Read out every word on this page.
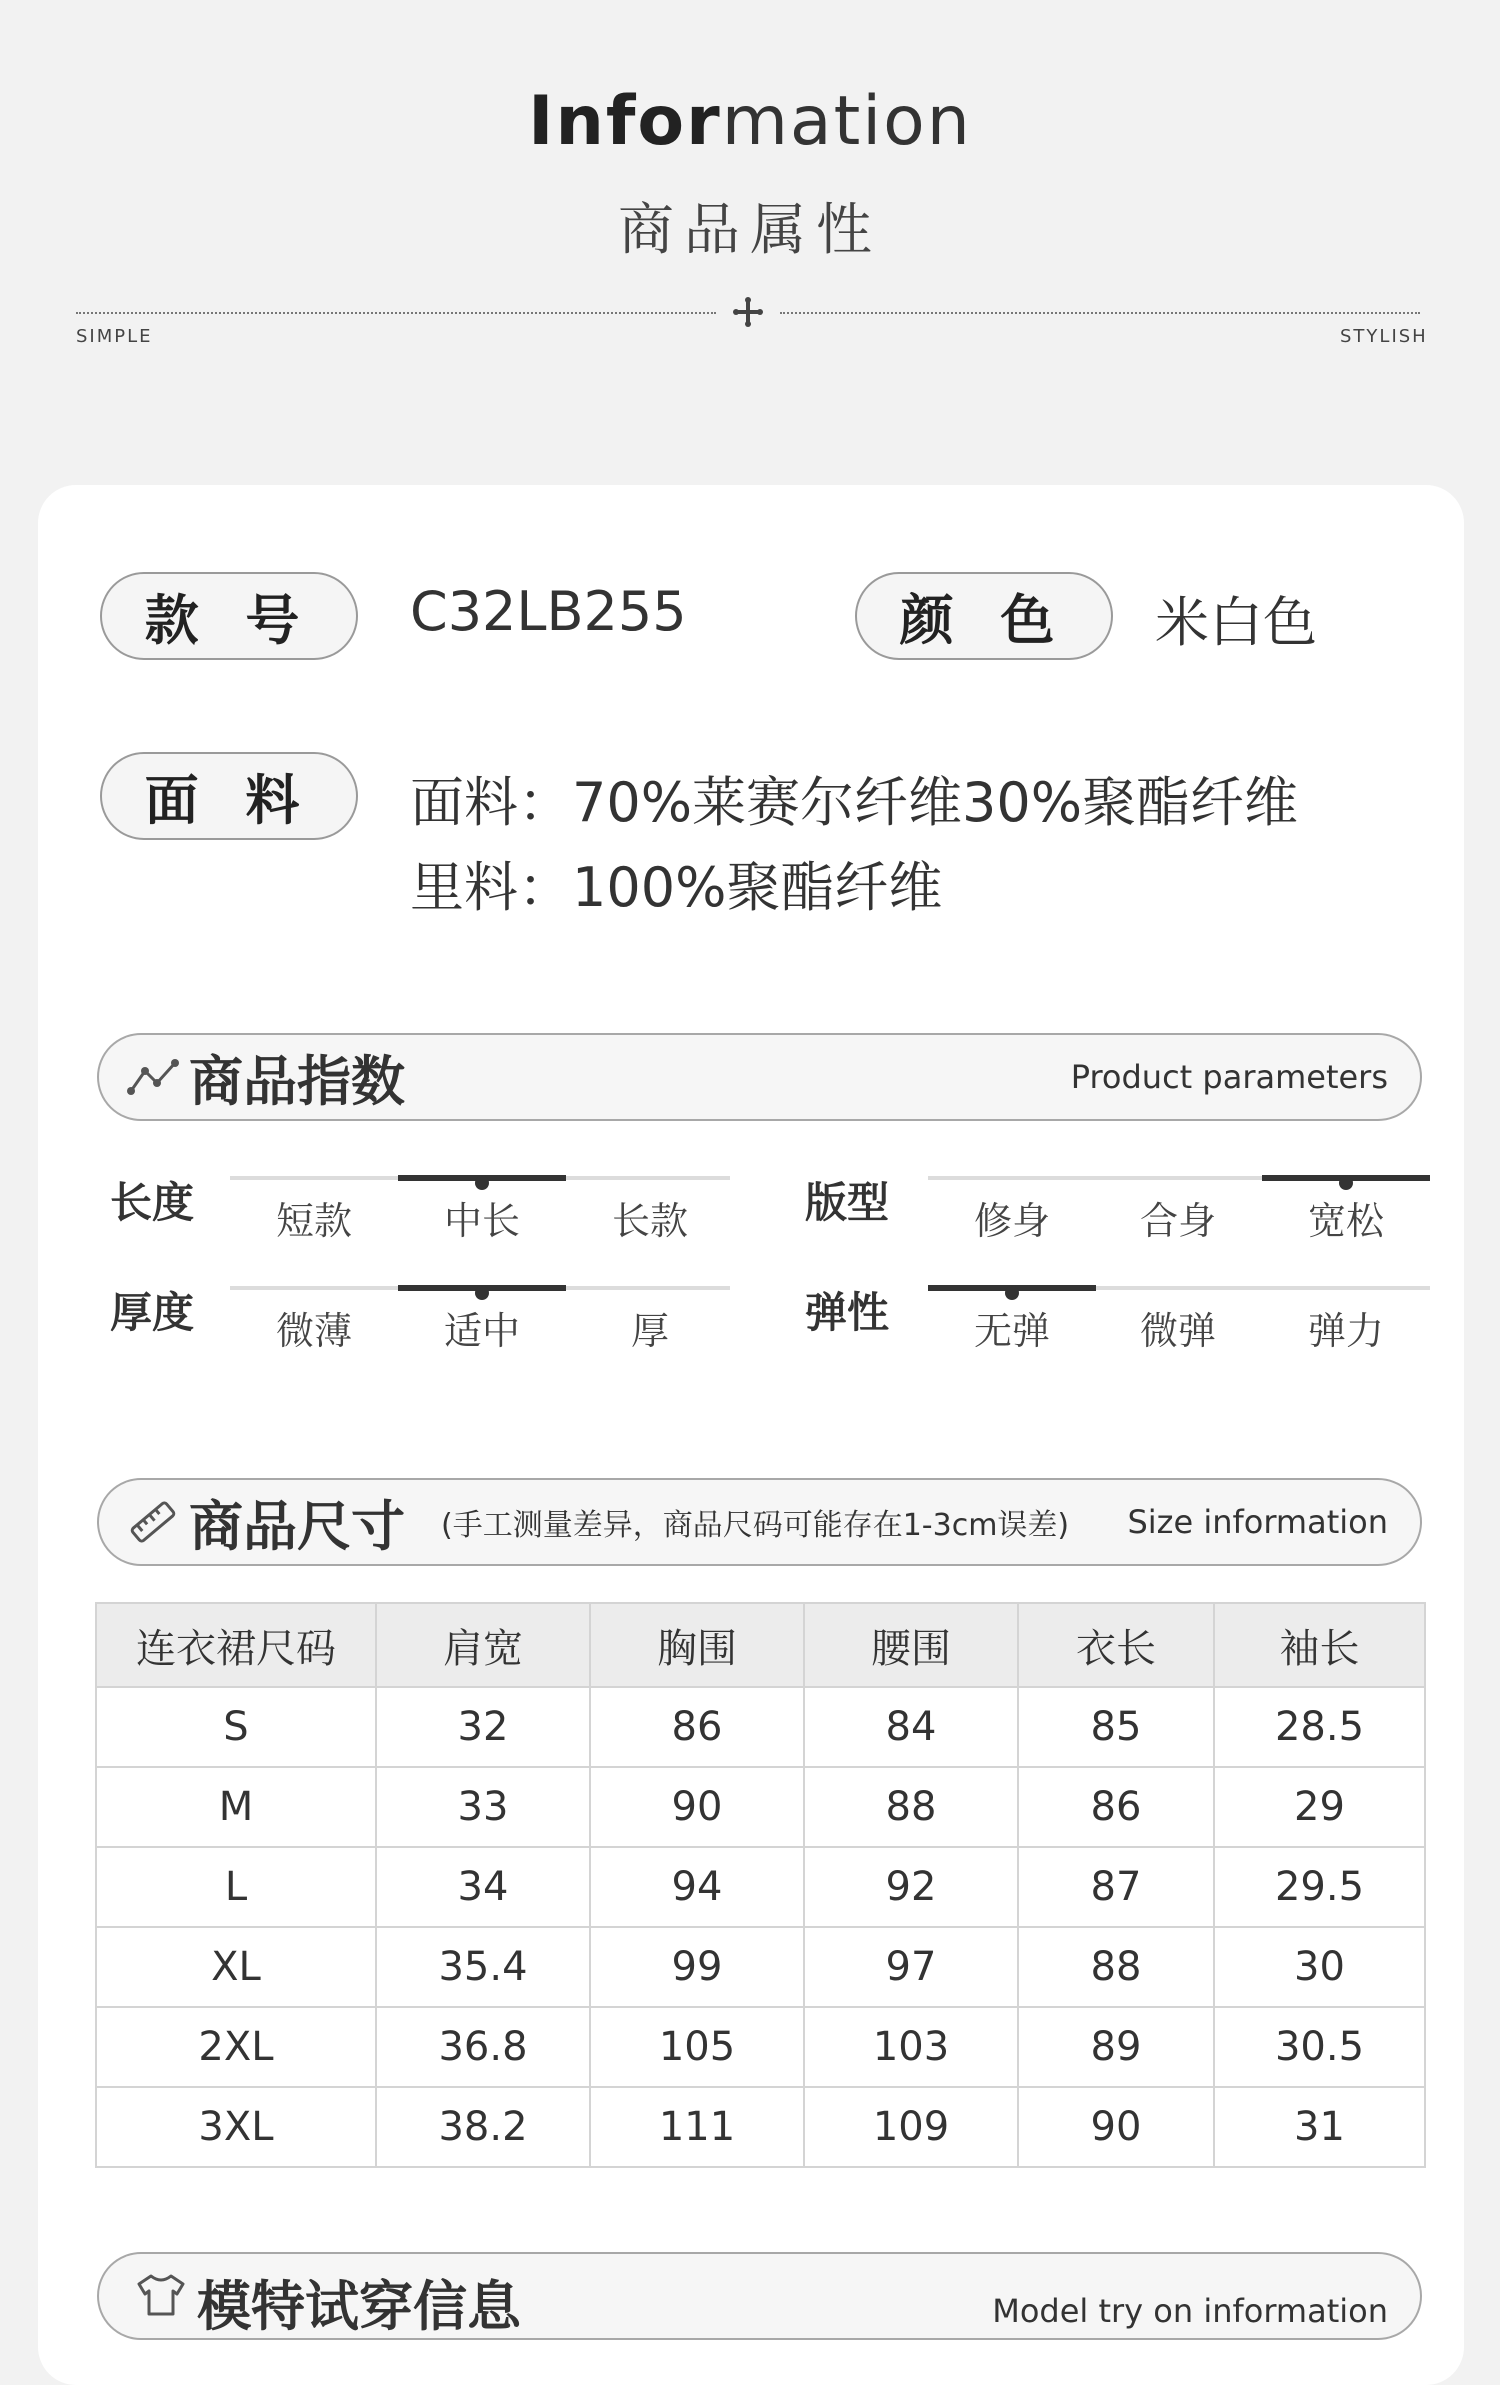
Information
商品属性
SIMPLE	STYLISH
款 号	C32LB255	颜 色	米白色
面 料	面料：70%莱赛尔纤维30%聚酯纤维
里料：100%聚酯纤维
商品指数	Product parameters
长度	短款	中长	长款	版型	修身	合身	宽松
厚度	微薄	适中	厚	弹性	无弹	微弹	弹力
商品尺寸 (手工测量差异，商品尺码可能存在1-3cm误差) Size information
连衣裙尺码	肩宽	胸围	腰围	衣长	袖长
S	32	86	84	85	28.5
M	33	90	88	86	29
L	34	94	92	87	29.5
XL	35.4	99	97	88	30
2XL	36.8	105	103	89	30.5
3XL	38.2	111	109	90	31
模特试穿信息	Model try on information
